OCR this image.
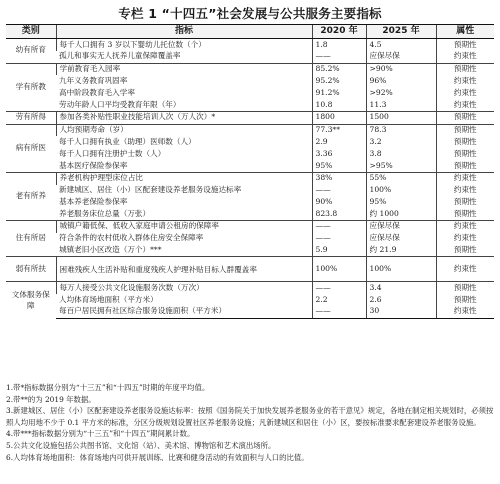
专栏 1 “十四五”社会发展与公共服务主要指标
类别	指标	2020 年	2025 年	属性
幼有所育	每千人口拥有 3 岁以下婴幼儿托位数（个）	1.8	4.5	预期性
	孤儿和事实无人抚养儿童保障覆盖率	——	应保尽保	约束性
学有所教	学前教育毛入园率	85.2%	>90%	预期性
	九年义务教育巩固率	95.2%	96%	约束性
	高中阶段教育毛入学率	91.2%	>92%	约束性
	劳动年龄人口平均受教育年限（年）	10.8	11.3	约束性
劳有所得	参加各类补贴性职业技能培训人次（万人次）*	1800	1500	预期性
病有所医	人均预期寿命（岁）	77.3**	78.3	预期性
	每千人口拥有执业（助理）医师数（人）	2.9	3.2	预期性
	每千人口拥有注册护士数（人）	3.36	3.8	预期性
	基本医疗保险参保率	95%	>95%	预期性
老有所养	养老机构护理型床位占比	38%	55%	约束性
	新建城区、居住（小）区配套建设养老服务设施达标率	——	100%	约束性
	基本养老保险参保率	90%	95%	预期性
	养老服务床位总量（万张）	823.8	约 1000	预期性
住有所居	城镇户籍低保、低收入家庭申请公租房的保障率	——	应保尽保	约束性
	符合条件的农村低收入群体住房安全保障率	——	应保尽保	约束性
	城镇老旧小区改造（万个）***	5.9	约 21.9	预期性
弱有所扶	困难残疾人生活补贴和重度残疾人护理补贴目标人群覆盖率	100%	100%	约束性
文体服务保障	每万人接受公共文化设施服务次数（万次）	——	3.4	预期性
	人均体育场地面积（平方米）	2.2	2.6	预期性
	每百户居民拥有社区综合服务设施面积（平方米）	——	30	约束性
1.带*指标数据分别为“十三五”和“十四五”时期的年度平均值。
2.带**的为 2019 年数据。
3.新建城区、居住（小）区配套建设养老服务设施达标率：按照《国务院关于加快发展养老服务业的若干意见》规定，各地在制定相关规划时，必须按照人均用地不少于 0.1 平方米的标准，分区分级规划设置社区养老服务设施；凡新建城区和居住（小）区，要按标准要求配套建设养老服务设施。
4.带***指标数据分别为“十三五”和“十四五”期间累计数。
5.公共文化设施包括公共图书馆、文化馆（站）、美术馆、博物馆和艺术演出场所。
6.人均体育场地面积：体育场地内可供开展训练、比赛和健身活动的有效面积与人口的比值。
